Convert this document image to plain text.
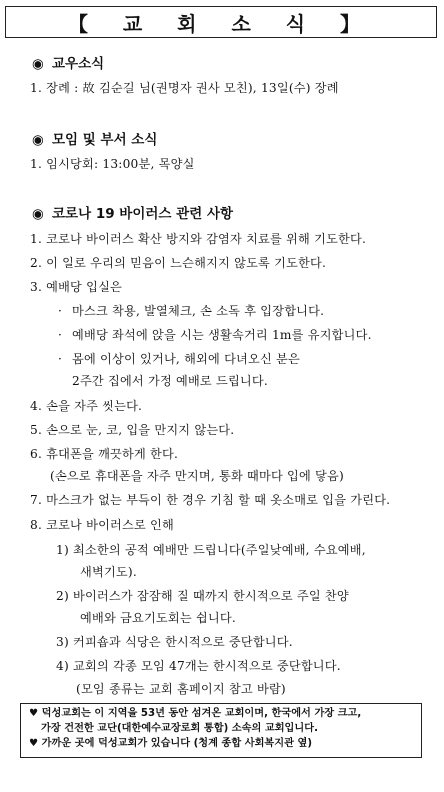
【 교 회 소 식 】
◉ 교우소식
1. 장례 : 故 김순길 님(권명자 권사 모친), 13일(수) 장례
◉ 모임 및 부서 소식
1. 임시당회: 13:00분, 목양실
◉ 코로나 19 바이러스 관련 사항
1. 코로나 바이러스 확산 방지와 감염자 치료를 위해 기도한다.
2. 이 일로 우리의 믿음이 느슨해지지 않도록 기도한다.
3. 예배당 입실은
· 마스크 착용, 발열체크, 손 소독 후 입장합니다.
· 예배당 좌석에 앉을 시는 생활속거리 1m를 유지합니다.
· 몸에 이상이 있거나, 해외에 다녀오신 분은
2주간 집에서 가정 예배로 드립니다.
4. 손을 자주 씻는다.
5. 손으로 눈, 코, 입을 만지지 않는다.
6. 휴대폰을 깨끗하게 한다.
(손으로 휴대폰을 자주 만지며, 통화 때마다 입에 닿음)
7. 마스크가 없는 부득이 한 경우 기침 할 때 옷소매로 입을 가린다.
8. 코로나 바이러스로 인해
1) 최소한의 공적 예배만 드립니다(주일낮예배, 수요예배,
새벽기도).
2) 바이러스가 잠잠해 질 때까지 한시적으로 주일 찬양
예배와 금요기도회는 쉽니다.
3) 커피숍과 식당은 한시적으로 중단합니다.
4) 교회의 각종 모임 47개는 한시적으로 중단합니다.
(모임 종류는 교회 홈페이지 참고 바람)
♥ 덕성교회는 이 지역을 53년 동안 섬겨온 교회이며, 한국에서 가장 크고,
가장 건전한 교단(대한예수교장로회 통합) 소속의 교회입니다.
♥ 가까운 곳에 덕성교회가 있습니다 (청계 종합 사회복지관 옆)
